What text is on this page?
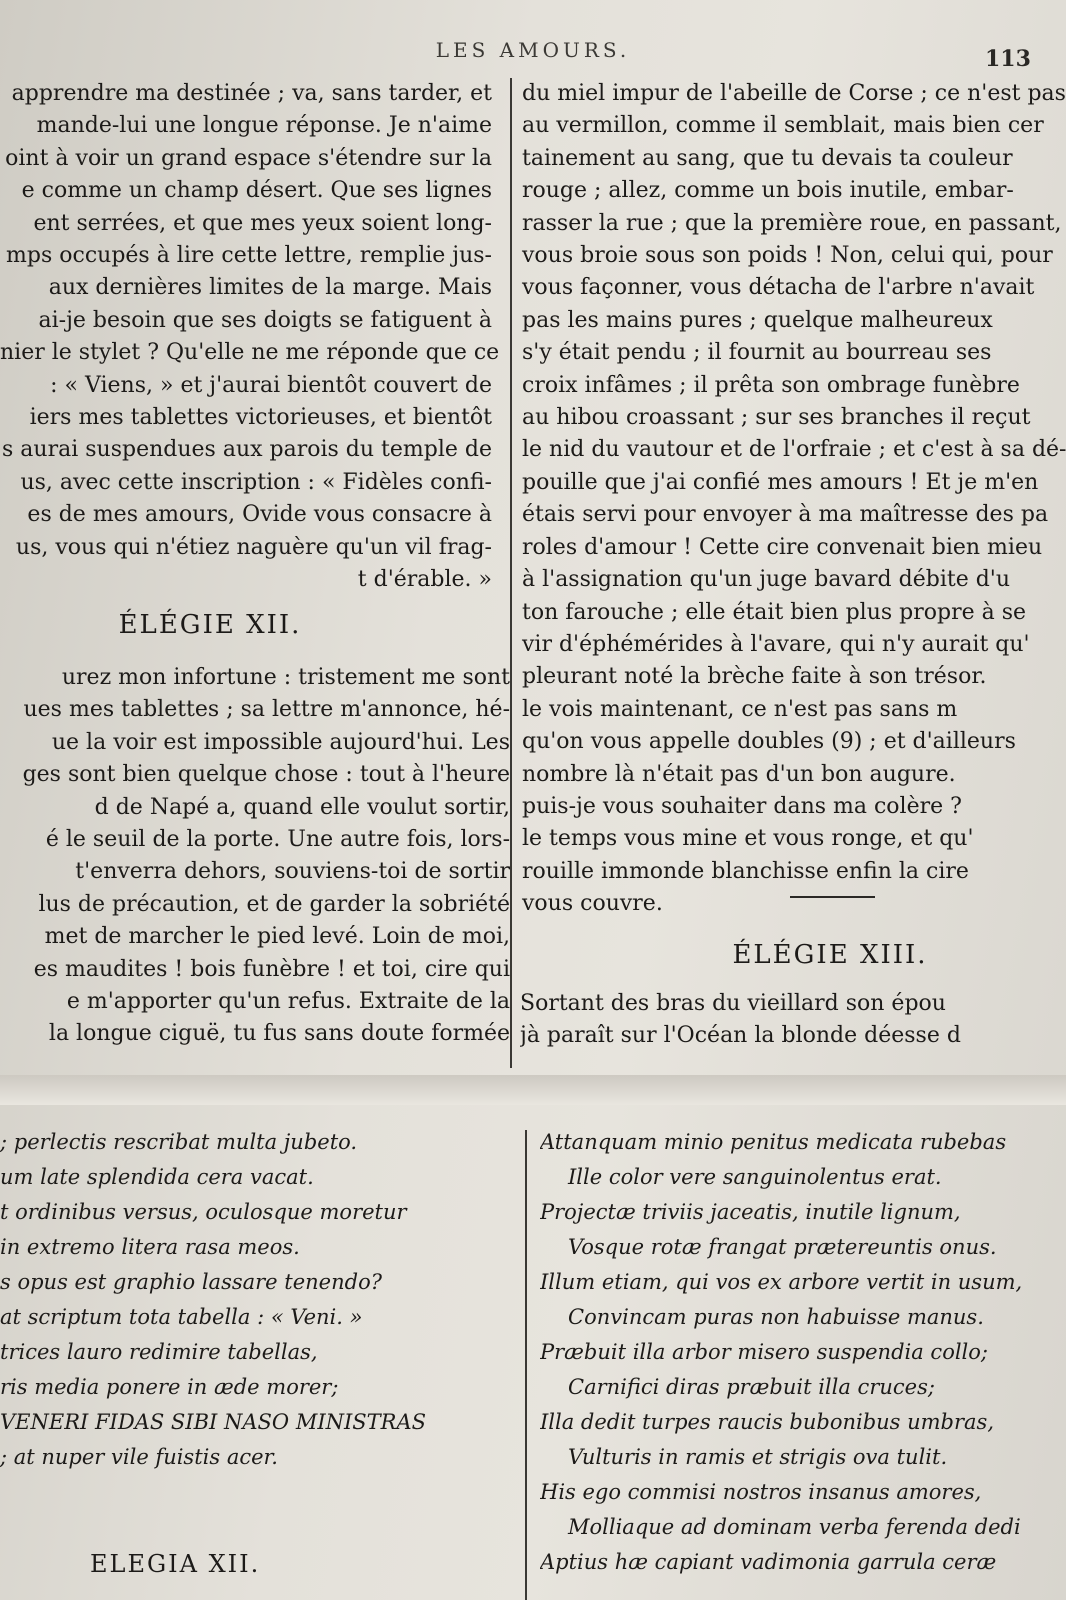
LES AMOURS.	113

apprendre ma destinée ; va, sans tarder, et

mande-lui une longue réponse. Je n'aime

oint à voir un grand espace s'étendre sur la

e comme un champ désert. Que ses lignes

ent serrées, et que mes yeux soient long-

mps occupés à lire cette lettre, remplie jus-

aux dernières limites de la marge. Mais

ai-je besoin que ses doigts se fatiguent à

nier le stylet ? Qu'elle ne me réponde que ce

: « Viens, » et j'aurai bientôt couvert de

iers mes tablettes victorieuses, et bientôt

s aurai suspendues aux parois du temple de

us, avec cette inscription : « Fidèles confi-

es de mes amours, Ovide vous consacre à

us, vous qui n'étiez naguère qu'un vil frag-

t d'érable. »

ÉLÉGIE XII.

urez mon infortune : tristement me sont

ues mes tablettes ; sa lettre m'annonce, hé-

ue la voir est impossible aujourd'hui. Les

ges sont bien quelque chose : tout à l'heure

d de Napé a, quand elle voulut sortir,

é le seuil de la porte. Une autre fois, lors-

t'enverra dehors, souviens-toi de sortir

lus de précaution, et de garder la sobriété

met de marcher le pied levé. Loin de moi,

es maudites ! bois funèbre ! et toi, cire qui

e m'apporter qu'un refus. Extraite de la

la longue ciguë, tu fus sans doute formée

du miel impur de l'abeille de Corse ; ce n'est pas

au vermillon, comme il semblait, mais bien cer

tainement au sang, que tu devais ta couleur

rouge ; allez, comme un bois inutile, embar-

rasser la rue ; que la première roue, en passant,

vous broie sous son poids ! Non, celui qui, pour

vous façonner, vous détacha de l'arbre n'avait

pas les mains pures ; quelque malheureux

s'y était pendu ; il fournit au bourreau ses

croix infâmes ; il prêta son ombrage funèbre

au hibou croassant ; sur ses branches il reçut

le nid du vautour et de l'orfraie ; et c'est à sa dé-

pouille que j'ai confié mes amours ! Et je m'en

étais servi pour envoyer à ma maîtresse des pa

roles d'amour ! Cette cire convenait bien mieu

à l'assignation qu'un juge bavard débite d'u

ton farouche ; elle était bien plus propre à se

vir d'éphémérides à l'avare, qui n'y aurait qu'

pleurant noté la brèche faite à son trésor.

le vois maintenant, ce n'est pas sans m

qu'on vous appelle doubles (9) ; et d'ailleurs

nombre là n'était pas d'un bon augure.

puis-je vous souhaiter dans ma colère ?

le temps vous mine et vous ronge, et qu'

rouille immonde blanchisse enfin la cire

vous couvre.

ÉLÉGIE XIII.

Sortant des bras du vieillard son épou

jà paraît sur l'Océan la blonde déesse d

; perlectis rescribat multa jubeto.

um late splendida cera vacat.

t ordinibus versus, oculosque moretur

in extremo litera rasa meos.

s opus est graphio lassare tenendo?

at scriptum tota tabella : « Veni. »

trices lauro redimire tabellas,

ris media ponere in æde morer;

VENERI FIDAS SIBI NASO MINISTRAS

; at nuper vile fuistis acer.

Attanquam minio penitus medicata rubebas

Ille color vere sanguinolentus erat.

Projectæ triviis jaceatis, inutile lignum,

Vosque rotæ frangat prætereuntis onus.

Illum etiam, qui vos ex arbore vertit in usum,

Convincam puras non habuisse manus.

Præbuit illa arbor misero suspendia collo;

Carnifici diras præbuit illa cruces;

Illa dedit turpes raucis bubonibus umbras,

Vulturis in ramis et strigis ova tulit.

His ego commisi nostros insanus amores,

Molliaque ad dominam verba ferenda dedi

Aptius hæ capiant vadimonia garrula ceræ

ELEGIA XII.
